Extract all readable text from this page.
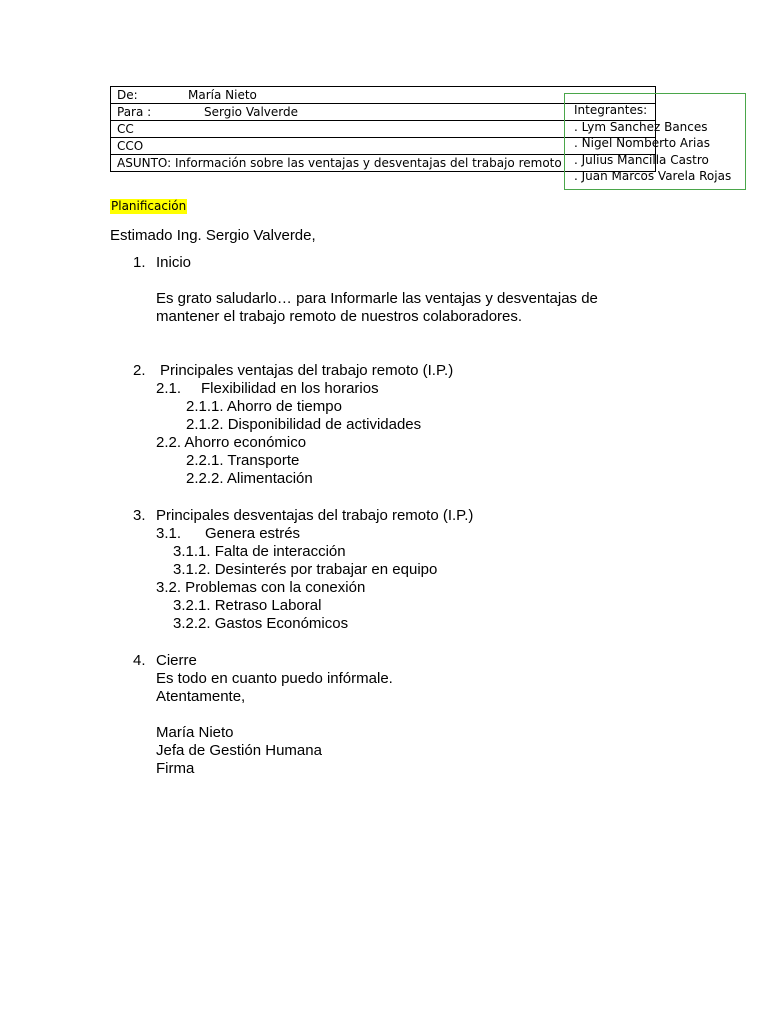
De:	María Nieto
Para :	Sergio Valverde
CC
CCO
ASUNTO: Información sobre las ventajas y desventajas del trabajo remoto
Integrantes:
. Lym Sanchez Bances
. Nigel Nomberto Arias
. Julius Mancilla Castro
. Juan Marcos Varela Rojas
Planificación
Estimado Ing. Sergio Valverde,
1. Inicio
Es grato saludarlo… para Informarle las ventajas y desventajas de
mantener el trabajo remoto de nuestros colaboradores.
2. Principales ventajas del trabajo remoto (I.P.)
2.1. Flexibilidad en los horarios
2.1.1. Ahorro de tiempo
2.1.2. Disponibilidad de actividades
2.2. Ahorro económico
2.2.1. Transporte
2.2.2. Alimentación
3. Principales desventajas del trabajo remoto (I.P.)
3.1. Genera estrés
3.1.1. Falta de interacción
3.1.2. Desinterés por trabajar en equipo
3.2. Problemas con la conexión
3.2.1. Retraso Laboral
3.2.2. Gastos Económicos
4. Cierre
Es todo en cuanto puedo infórmale.
Atentamente,
María Nieto
Jefa de Gestión Humana
Firma
